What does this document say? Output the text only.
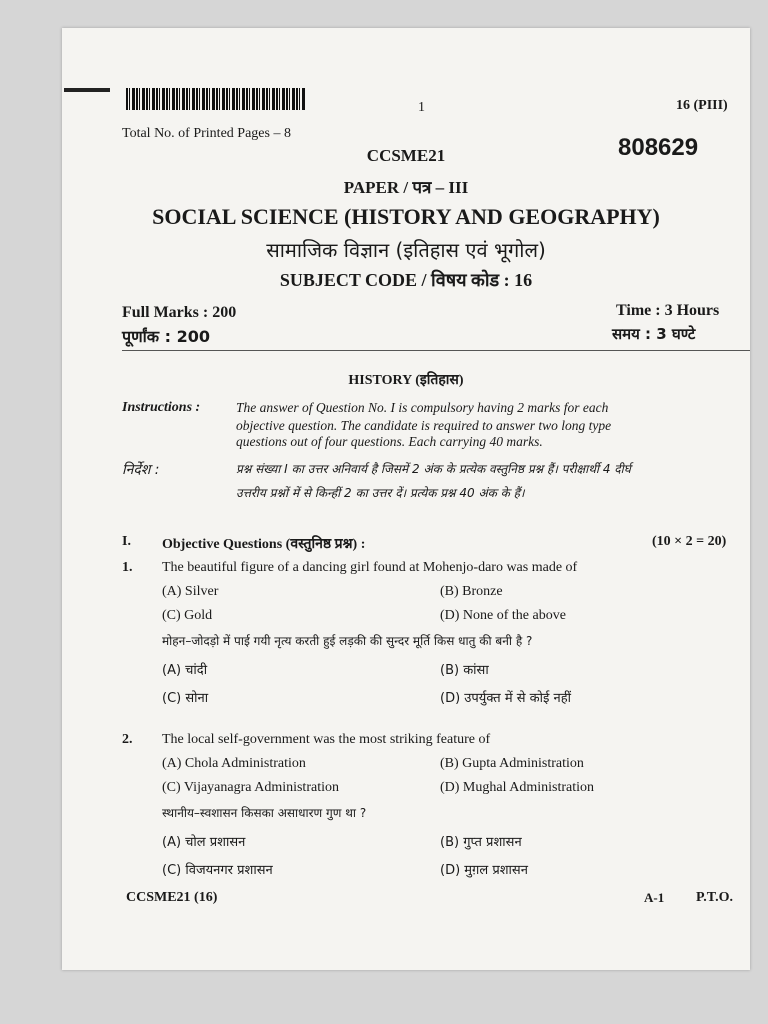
1	16 (PIII)
Total No. of Printed Pages – 8
808629
CCSME21
PAPER / पत्र – III
SOCIAL SCIENCE (HISTORY AND GEOGRAPHY)
सामाजिक विज्ञान (इतिहास एवं भूगोल)
SUBJECT CODE / विषय कोड : 16
Full Marks : 200
पूर्णांक : 200
Time : 3 Hours
समय : 3 घण्टे
HISTORY (इतिहास)
Instructions :	The answer of Question No. I is compulsory having 2 marks for each
objective question. The candidate is required to answer two long type
questions out of four questions. Each carrying 40 marks.
निर्देश :	प्रश्न संख्या I का उत्तर अनिवार्य है जिसमें 2 अंक के प्रत्येक वस्तुनिष्ठ प्रश्न हैं। परीक्षार्थी 4 दीर्घ
उत्तरीय प्रश्नों में से किन्हीं 2 का उत्तर दें। प्रत्येक प्रश्न 40 अंक के हैं।
I. Objective Questions (वस्तुनिष्ठ प्रश्न) :	(10 × 2 = 20)
1. The beautiful figure of a dancing girl found at Mohenjo-daro was made of
(A) Silver	(B) Bronze
(C) Gold	(D) None of the above
मोहन–जोदड़ो में पाई गयी नृत्य करती हुई लड़की की सुन्दर मूर्ति किस धातु की बनी है ?
(A) चांदी	(B) कांसा
(C) सोना	(D) उपर्युक्त में से कोई नहीं
2. The local self-government was the most striking feature of
(A) Chola Administration	(B) Gupta Administration
(C) Vijayanagra Administration	(D) Mughal Administration
स्थानीय–स्वशासन किसका असाधारण गुण था ?
(A) चोल प्रशासन	(B) गुप्त प्रशासन
(C) विजयनगर प्रशासन	(D) मुग़ल प्रशासन
CCSME21 (16)	A-1 P.T.O.
